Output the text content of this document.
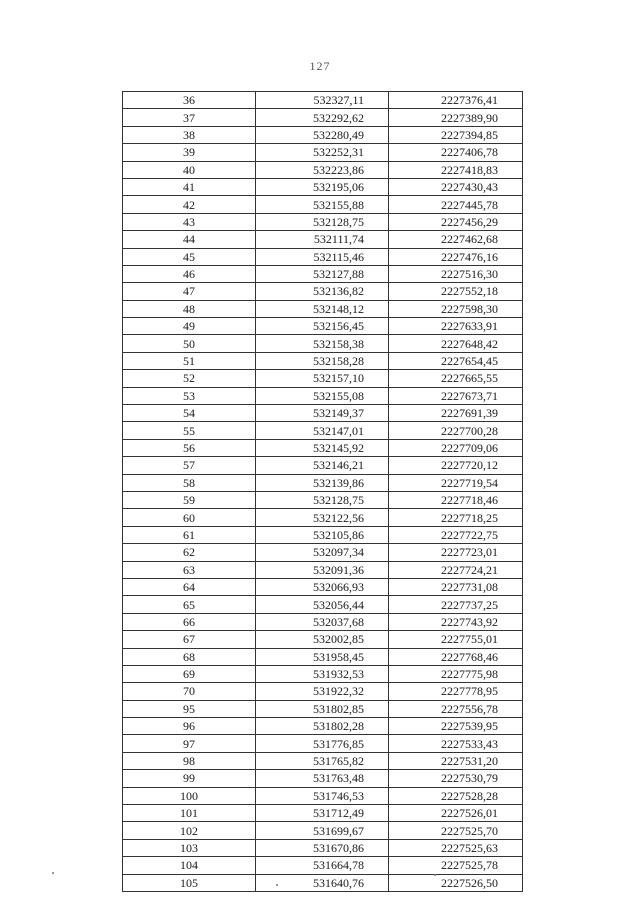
127
36	532327,11	2227376,41
37	532292,62	2227389,90
38	532280,49	2227394,85
39	532252,31	2227406,78
40	532223,86	2227418,83
41	532195,06	2227430,43
42	532155,88	2227445,78
43	532128,75	2227456,29
44	532111,74	2227462,68
45	532115,46	2227476,16
46	532127,88	2227516,30
47	532136,82	2227552,18
48	532148,12	2227598,30
49	532156,45	2227633,91
50	532158,38	2227648,42
51	532158,28	2227654,45
52	532157,10	2227665,55
53	532155,08	2227673,71
54	532149,37	2227691,39
55	532147,01	2227700,28
56	532145,92	2227709,06
57	532146,21	2227720,12
58	532139,86	2227719,54
59	532128,75	2227718,46
60	532122,56	2227718,25
61	532105,86	2227722,75
62	532097,34	2227723,01
63	532091,36	2227724,21
64	532066,93	2227731,08
65	532056,44	2227737,25
66	532037,68	2227743,92
67	532002,85	2227755,01
68	531958,45	2227768,46
69	531932,53	2227775,98
70	531922,32	2227778,95
95	531802,85	2227556,78
96	531802,28	2227539,95
97	531776,85	2227533,43
98	531765,82	2227531,20
99	531763,48	2227530,79
100	531746,53	2227528,28
101	531712,49	2227526,01
102	531699,67	2227525,70
103	531670,86	2227525,63
104	531664,78	2227525,78
105	531640,76	2227526,50
